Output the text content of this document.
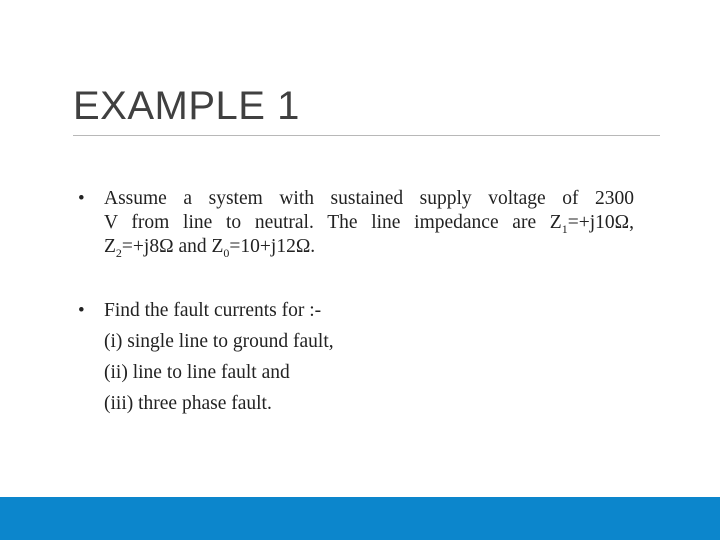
EXAMPLE 1
• Assume a system with sustained supply voltage of 2300
V from line to neutral. The line impedance are $Z_1=+j10\Omega$,
$Z_2=+j8\Omega$ and $Z_0=10+j12\Omega$.

• Find the fault currents for :-

(i) single line to ground fault,

(ii) line to line fault and

(iii) three phase fault.
